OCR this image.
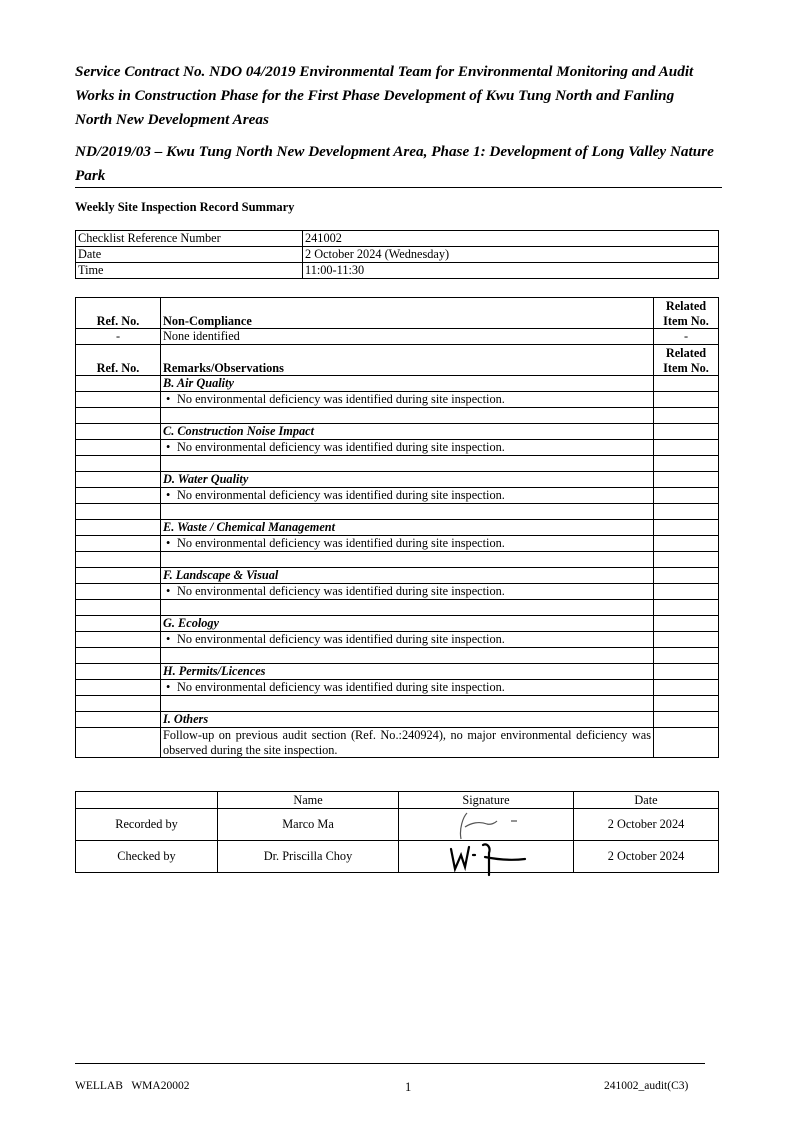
Service Contract No. NDO 04/2019 Environmental Team for Environmental Monitoring and Audit Works in Construction Phase for the First Phase Development of Kwu Tung North and Fanling North New Development Areas
ND/2019/03 – Kwu Tung North New Development Area, Phase 1: Development of Long Valley Nature Park
Weekly Site Inspection Record Summary
Checklist Reference Number	241002
Date	2 October 2024 (Wednesday)
Time	11:00-11:30
Ref. No.	Non-Compliance	Related Item No.
-	None identified	-
Ref. No.	Remarks/Observations	Related Item No.
	B. Air Quality	
	• No environmental deficiency was identified during site inspection.	

	C. Construction Noise Impact	
	• No environmental deficiency was identified during site inspection.	

	D. Water Quality	
	• No environmental deficiency was identified during site inspection.	

	E. Waste / Chemical Management	
	• No environmental deficiency was identified during site inspection.	

	F. Landscape & Visual	
	• No environmental deficiency was identified during site inspection.	

	G. Ecology	
	• No environmental deficiency was identified during site inspection.	

	H. Permits/Licences	
	• No environmental deficiency was identified during site inspection.	

	I. Others	
	Follow-up on previous audit section (Ref. No.:240924), no major environmental deficiency was observed during the site inspection.	
	Name	Signature	Date
Recorded by	Marco Ma		2 October 2024
Checked by	Dr. Priscilla Choy		2 October 2024
WELLAB   WMA20002	1	241002_audit(C3)
